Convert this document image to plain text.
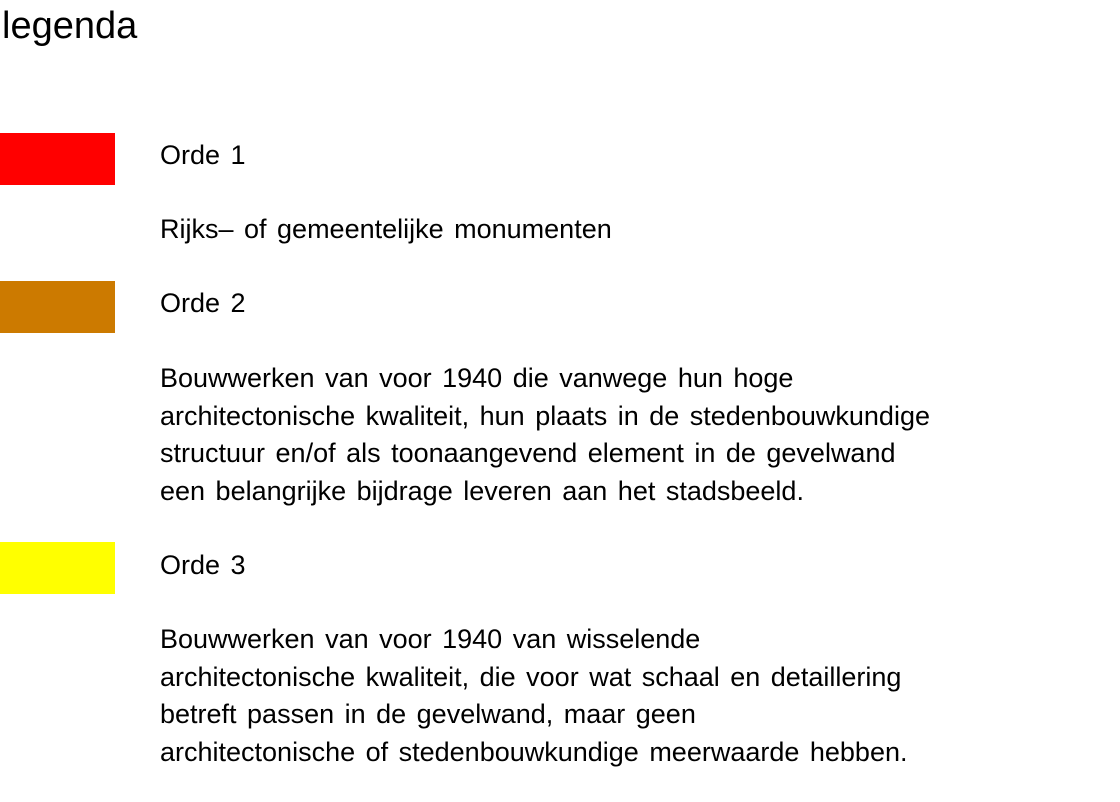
legenda
Orde 1
Rijks– of gemeentelijke monumenten
Orde 2
Bouwwerken van voor 1940 die vanwege hun hoge
architectonische kwaliteit, hun plaats in de stedenbouwkundige
structuur en/of als toonaangevend element in de gevelwand
een belangrijke bijdrage leveren aan het stadsbeeld.
Orde 3
Bouwwerken van voor 1940 van wisselende
architectonische kwaliteit, die voor wat schaal en detaillering
betreft passen in de gevelwand, maar geen
architectonische of stedenbouwkundige meerwaarde hebben.
